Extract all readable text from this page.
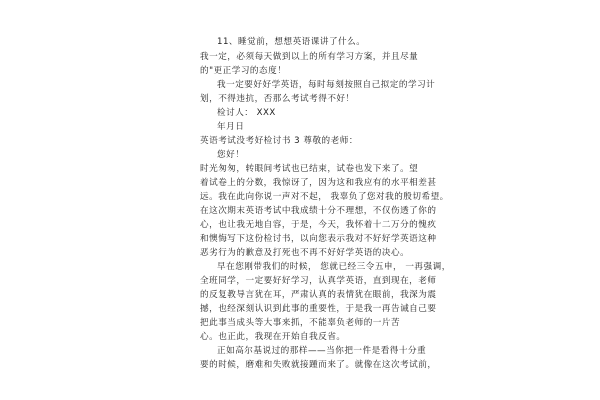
11、睡觉前，想想英语课讲了什么。
我一定，必须每天做到以上的所有学习方案，并且尽量
的"更正学习的态度！
我一定要好好学英语，每时每刻按照自己拟定的学习计
划，不得违抗，否那么考试考得不好！
检讨人： XXX
年月日
英语考试没考好检讨书 3 尊敬的老师：
您好！
时光匆匆，转眼间考试也已结束，试卷也发下来了。望
着试卷上的分数，我惊讶了，因为这和我应有的水平相差甚
远。我在此向你说一声对不起， 我辜负了您对我的殷切希望。
在这次期末英语考试中我成绩十分不理想，不仅伤透了你的
心，也让我无地自容，于是，今天，我怀着十二万分的愧疚
和懊悔写下这份检讨书，以向您表示我对不好好学英语这种
恶劣行为的歉意及打死也不再不好好学英语的决心。
早在您刚带我们的时候， 您就已经三令五申， 一再强调，
全班同学，一定要好好学习，认真学英语，直到现在，老师
的反复教导言犹在耳，严肃认真的表情犹在眼前，我深为震
撼，也经深刻认识到此事的重要性，于是我一再告诫自己要
把此事当成头等大事来抓，不能辜负老师的一片苦
心。也正此，我现在开始自我反省。
正如高尔基说过的那样——当你把一件是看得十分重
要的时候，磨难和失败就接踵而来了。就像在这次考试前，
